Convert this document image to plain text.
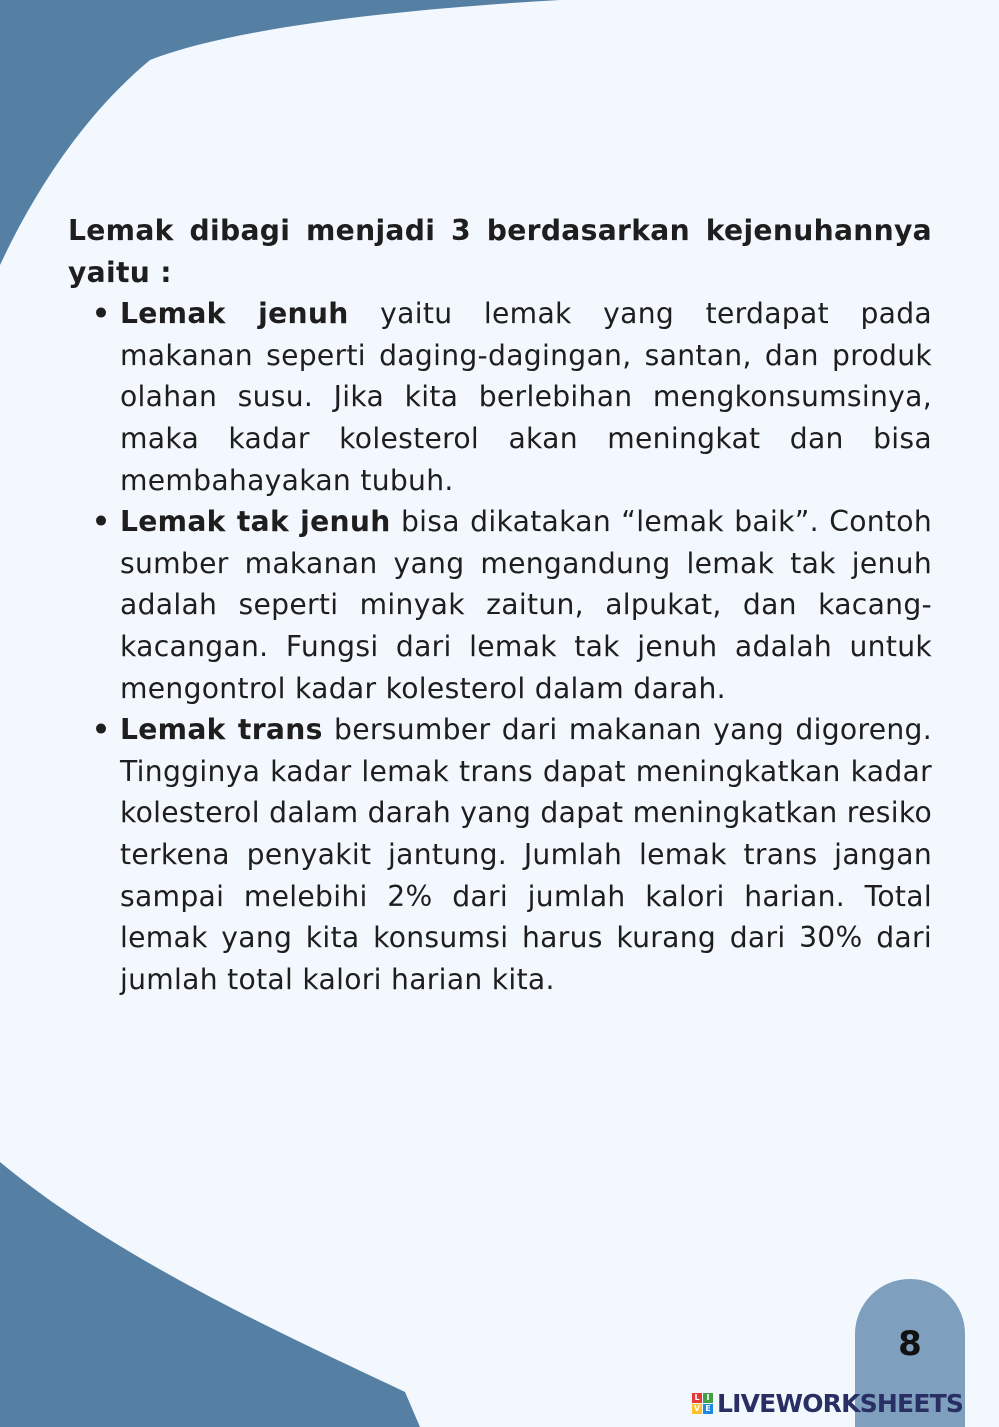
Lemak dibagi menjadi 3 berdasarkan kejenuhannya yaitu :

• Lemak jenuh yaitu lemak yang terdapat pada makanan seperti daging-dagingan, santan, dan produk olahan susu. Jika kita berlebihan mengkonsumsinya, maka kadar kolesterol akan meningkat dan bisa membahayakan tubuh.
• Lemak tak jenuh bisa dikatakan “lemak baik”. Contoh sumber makanan yang mengandung lemak tak jenuh adalah seperti minyak zaitun, alpukat, dan kacang-kacangan. Fungsi dari lemak tak jenuh adalah untuk mengontrol kadar kolesterol dalam darah.
• Lemak trans bersumber dari makanan yang digoreng. Tingginya kadar lemak trans dapat meningkatkan kadar kolesterol dalam darah yang dapat meningkatkan resiko terkena penyakit jantung. Jumlah lemak trans jangan sampai melebihi 2% dari jumlah kalori harian. Total lemak yang kita konsumsi harus kurang dari 30% dari jumlah total kalori harian kita.
8
L I
V E LIVEWORKSHEETS
